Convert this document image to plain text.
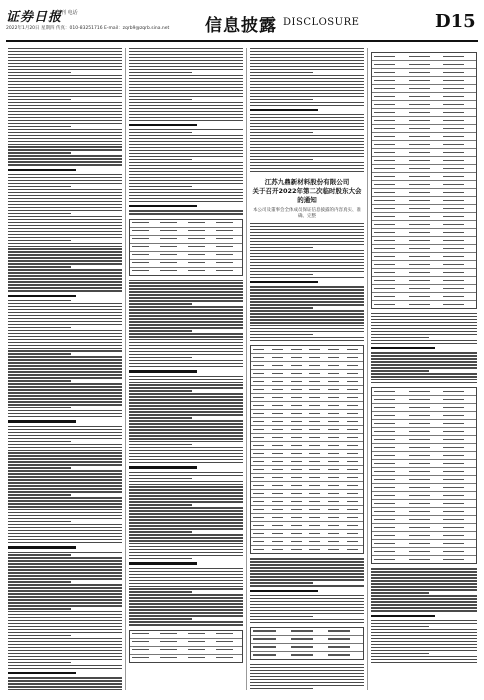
证券日报
创刊 电话
2022年1月20日 星期四 传真：010-83251716 E-mail：zqrb9@zqrb.sina.net 信息披露 DISCLOSURE	D15
江苏九鼎新材料股份有限公司
关于召开2022年第二次临时股东大会的通知
本公司及董事会全体成员保证信息披露的内容真实、准确、完整
